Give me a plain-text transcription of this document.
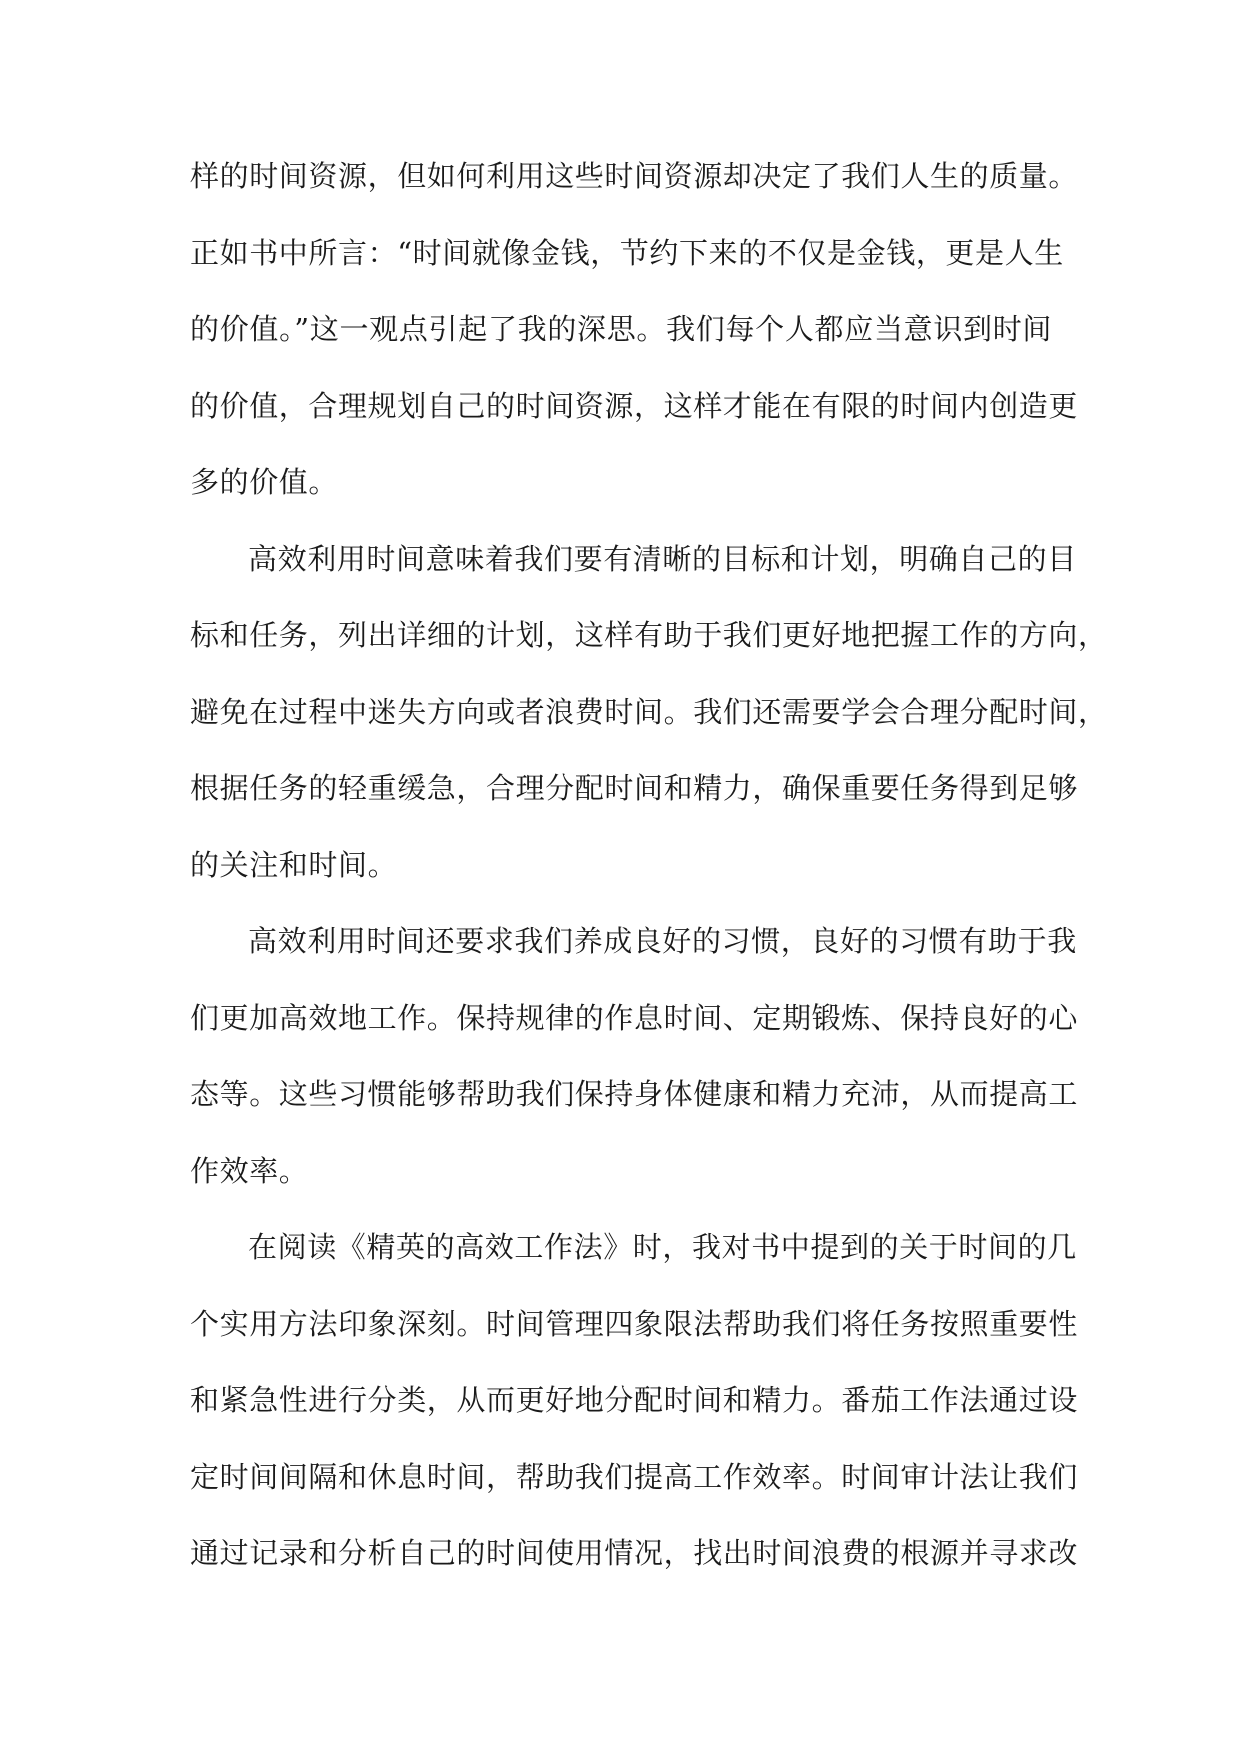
样的时间资源，但如何利用这些时间资源却决定了我们人生的质量。
正如书中所言：“时间就像金钱，节约下来的不仅是金钱，更是人生
的价值。”这一观点引起了我的深思。我们每个人都应当意识到时间
的价值，合理规划自己的时间资源，这样才能在有限的时间内创造更
多的价值。
高效利用时间意味着我们要有清晰的目标和计划，明确自己的目
标和任务，列出详细的计划，这样有助于我们更好地把握工作的方向，
避免在过程中迷失方向或者浪费时间。我们还需要学会合理分配时间，
根据任务的轻重缓急，合理分配时间和精力，确保重要任务得到足够
的关注和时间。
高效利用时间还要求我们养成良好的习惯，良好的习惯有助于我
们更加高效地工作。保持规律的作息时间、定期锻炼、保持良好的心
态等。这些习惯能够帮助我们保持身体健康和精力充沛，从而提高工
作效率。
在阅读《精英的高效工作法》时，我对书中提到的关于时间的几
个实用方法印象深刻。时间管理四象限法帮助我们将任务按照重要性
和紧急性进行分类，从而更好地分配时间和精力。番茄工作法通过设
定时间间隔和休息时间，帮助我们提高工作效率。时间审计法让我们
通过记录和分析自己的时间使用情况，找出时间浪费的根源并寻求改
